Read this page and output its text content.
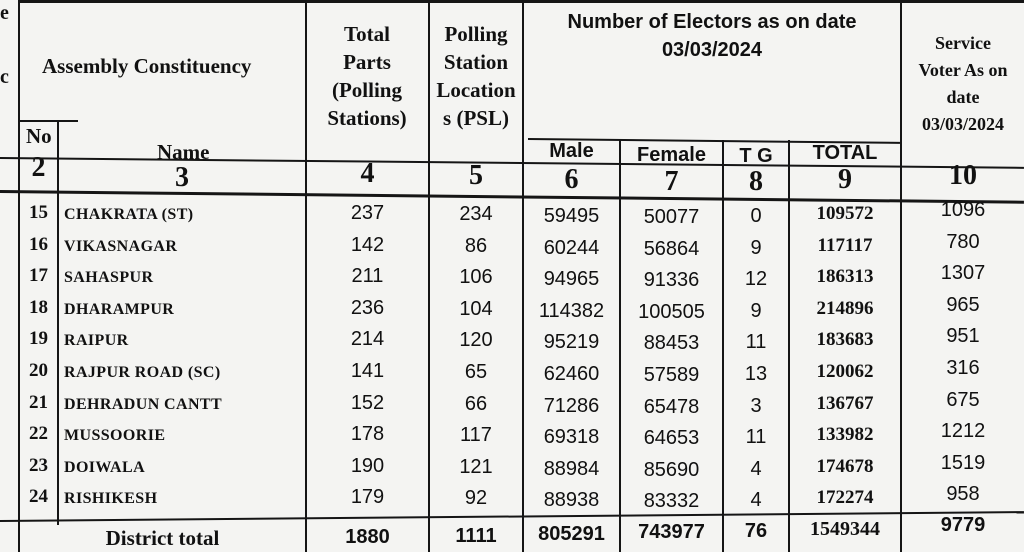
e
c Assembly Constituency
No
Name
Total
Parts
(Polling
Stations)
Polling
Station
Location
s (PSL)
Number of Electors as on date
03/03/2024
Male	Female	T G	TOTAL
Service
Voter As on
date
03/03/2024
2	3	4	5	6	7	8	9	10
15	CHAKRATA (ST)	237	234	59495	50077	0	109572	1096
16	VIKASNAGAR	142	86	60244	56864	9	117117	780
17	SAHASPUR	211	106	94965	91336	12	186313	1307
18	DHARAMPUR	236	104	114382	100505	9	214896	965
19	RAIPUR	214	120	95219	88453	11	183683	951
20	RAJPUR ROAD (SC)	141	65	62460	57589	13	120062	316
21	DEHRADUN CANTT	152	66	71286	65478	3	136767	675
22	MUSSOORIE	178	117	69318	64653	11	133982	1212
23	DOIWALA	190	121	88984	85690	4	174678	1519
24	RISHIKESH	179	92	88938	83332	4	172274	958
District total	1880	1111	805291	743977	76	1549344	9779
